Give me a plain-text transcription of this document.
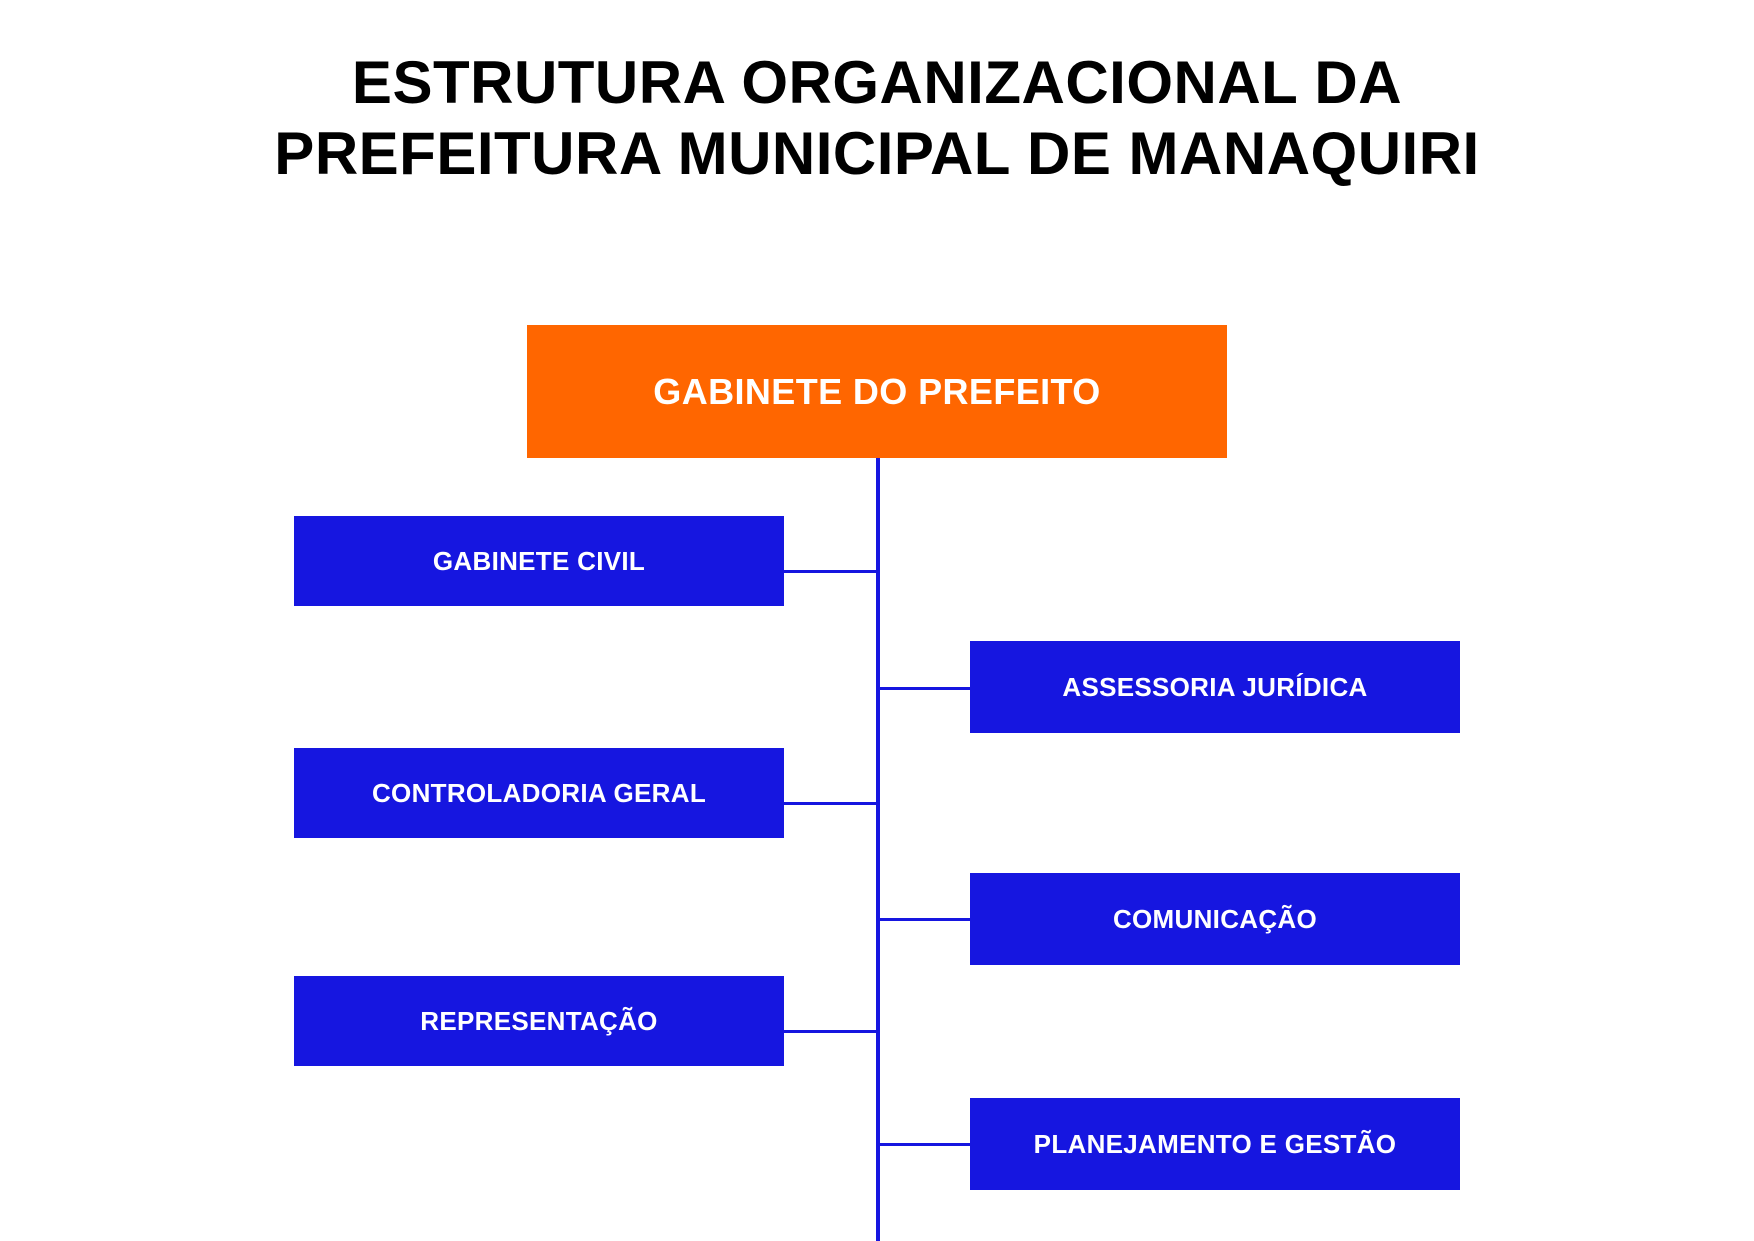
ESTRUTURA ORGANIZACIONAL DA
PREFEITURA MUNICIPAL DE MANAQUIRI
GABINETE DO PREFEITO
GABINETE CIVIL
CONTROLADORIA GERAL
REPRESENTAÇÃO
ASSESSORIA JURÍDICA
COMUNICAÇÃO
PLANEJAMENTO E GESTÃO
